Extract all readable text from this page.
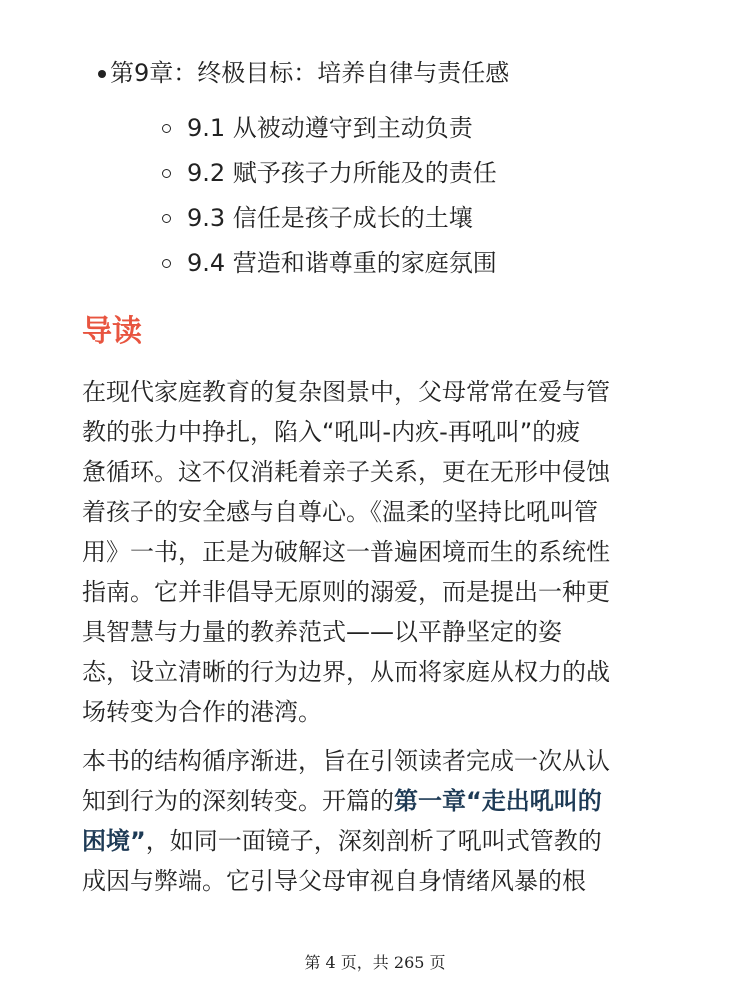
第9章：终极目标：培养自律与责任感
9.1 从被动遵守到主动负责
9.2 赋予孩子力所能及的责任
9.3 信任是孩子成长的土壤
9.4 营造和谐尊重的家庭氛围
导读
在现代家庭教育的复杂图景中，父母常常在爱与管
教的张力中挣扎，陷入“吼叫-内疚-再吼叫”的疲
惫循环。这不仅消耗着亲子关系，更在无形中侵蚀
着孩子的安全感与自尊心。《温柔的坚持比吼叫管
用》一书，正是为破解这一普遍困境而生的系统性
指南。它并非倡导无原则的溺爱，而是提出一种更
具智慧与力量的教养范式——以平静坚定的姿
态，设立清晰的行为边界，从而将家庭从权力的战
场转变为合作的港湾。
本书的结构循序渐进，旨在引领读者完成一次从认
知到行为的深刻转变。开篇的第一章“走出吼叫的
困境”，如同一面镜子，深刻剖析了吼叫式管教的
成因与弊端。它引导父母审视自身情绪风暴的根
第 4 页，共 265 页
